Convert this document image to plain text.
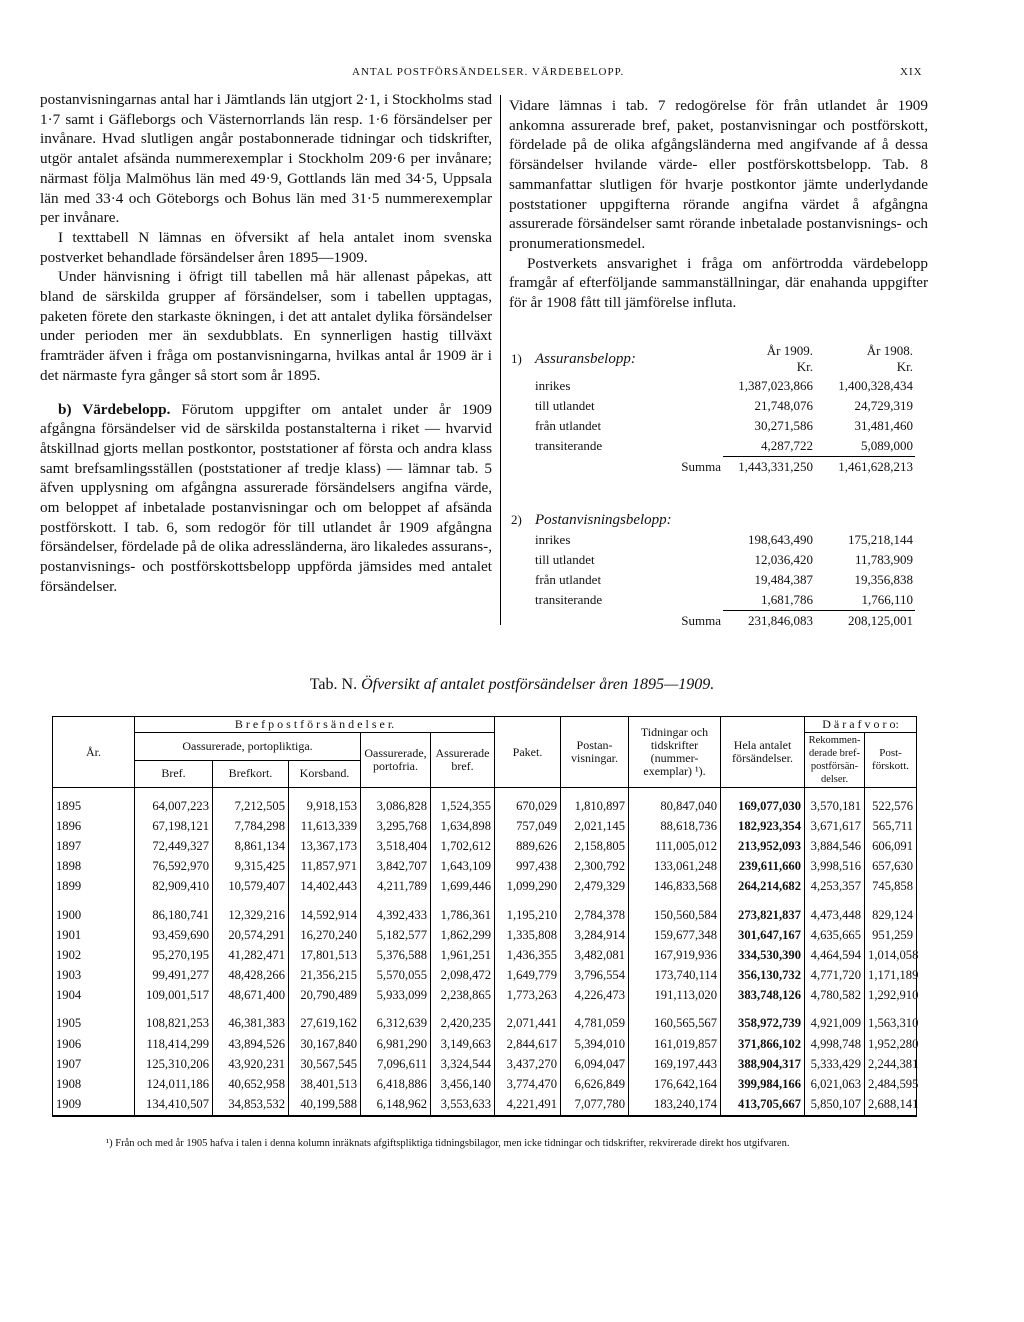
ANTAL POSTFÖRSÄNDELSER. VÄRDEBELOPP.	XIX

postanvisningarnas antal har i Jämtlands län utgjort 2·1, i Stockholms stad 1·7 samt i Gäfleborgs och Västernorrlands län resp. 1·6 försändelser per invånare. Hvad slutligen angår postabonnerade tidningar och tidskrifter, utgör antalet afsända nummerexemplar i Stockholm 209·6 per invånare; närmast följa Malmöhus län med 49·9, Gottlands län med 34·5, Uppsala län med 33·4 och Göteborgs och Bohus län med 31·5 nummerexemplar per invånare.

I texttabell N lämnas en öfversikt af hela antalet inom svenska postverket behandlade försändelser åren 1895—1909.

Under hänvisning i öfrigt till tabellen må här allenast påpekas, att bland de särskilda grupper af försändelser, som i tabellen upptagas, paketen förete den starkaste ökningen, i det att antalet dylika försändelser under perioden mer än sexdubblats. En synnerligen hastig tillväxt framträder äfven i fråga om postanvisningarna, hvilkas antal år 1909 är i det närmaste fyra gånger så stort som år 1895.

b) Värdebelopp. Förutom uppgifter om antalet under år 1909 afgångna försändelser vid de särskilda postanstalterna i riket — hvarvid åtskillnad gjorts mellan postkontor, poststationer af första och andra klass samt brefsamlingsställen (poststationer af tredje klass) — lämnar tab. 5 äfven upplysning om afgångna assurerade försändelsers angifna värde, om beloppet af inbetalade postanvisningar och om beloppet af afsända postförskott. I tab. 6, som redogör för till utlandet år 1909 afgångna försändelser, fördelade på de olika adressländerna, äro likaledes assurans-, postanvisnings- och postförskottsbelopp uppförda jämsides med antalet försändelser.

Vidare lämnas i tab. 7 redogörelse för från utlandet år 1909 ankomna assurerade bref, paket, postanvisningar och postförskott, fördelade på de olika afgångsländerna med angifvande af å dessa försändelser hvilande värde- eller postförskottsbelopp. Tab. 8 sammanfattar slutligen för hvarje postkontor jämte underlydande poststationer uppgifterna rörande angifna värdet å afgångna assurerade försändelser samt rörande inbetalade postanvisnings- och pronumerationsmedel.

Postverkets ansvarighet i fråga om anförtrodda värdebelopp framgår af efterföljande sammanställningar, där enahanda uppgifter för år 1908 fått till jämförelse influta.

1)	Assuransbelopp:	År 1909.
Kr.	År 1908.
Kr.
	inrikes	1,387,023,866	1,400,328,434
	till utlandet	21,748,076	24,729,319
	från utlandet	30,271,586	31,481,460
	transiterande	4,287,722	5,089,000
	Summa	1,443,331,250	1,461,628,213
2)	Postanvisningsbelopp:		
	inrikes	198,643,490	175,218,144
	till utlandet	12,036,420	11,783,909
	från utlandet	19,484,387	19,356,838
	transiterande	1,681,786	1,766,110
	Summa	231,846,083	208,125,001
Tab. N. Öfversikt af antalet postförsändelser åren 1895—1909.
År.	B r e f p o s t f ö r s ä n d e l s e r.					Paket.	Postan-visningar.	Tidningar och tidskrifter (nummer-exemplar) ¹).	Hela antalet försändelser.	D ä r a f v o r o:	
	Oassurerade, portopliktiga.			Oassurerade, portofria.	Assurerade bref.					Rekommen-derade bref-postförsän-delser.	Post-förskott.
	Bref.	Brefkort.	Korsband.								
1895	64,007,223	7,212,505	9,918,153	3,086,828	1,524,355	670,029	1,810,897	80,847,040	169,077,030	3,570,181	522,576
1896	67,198,121	7,784,298	11,613,339	3,295,768	1,634,898	757,049	2,021,145	88,618,736	182,923,354	3,671,617	565,711
1897	72,449,327	8,861,134	13,367,173	3,518,404	1,702,612	889,626	2,158,805	111,005,012	213,952,093	3,884,546	606,091
1898	76,592,970	9,315,425	11,857,971	3,842,707	1,643,109	997,438	2,300,792	133,061,248	239,611,660	3,998,516	657,630
1899	82,909,410	10,579,407	14,402,443	4,211,789	1,699,446	1,099,290	2,479,329	146,833,568	264,214,682	4,253,357	745,858

1900	86,180,741	12,329,216	14,592,914	4,392,433	1,786,361	1,195,210	2,784,378	150,560,584	273,821,837	4,473,448	829,124
1901	93,459,690	20,574,291	16,270,240	5,182,577	1,862,299	1,335,808	3,284,914	159,677,348	301,647,167	4,635,665	951,259
1902	95,270,195	41,282,471	17,801,513	5,376,588	1,961,251	1,436,355	3,482,081	167,919,936	334,530,390	4,464,594	1,014,058
1903	99,491,277	48,428,266	21,356,215	5,570,055	2,098,472	1,649,779	3,796,554	173,740,114	356,130,732	4,771,720	1,171,189
1904	109,001,517	48,671,400	20,790,489	5,933,099	2,238,865	1,773,263	4,226,473	191,113,020	383,748,126	4,780,582	1,292,910

1905	108,821,253	46,381,383	27,619,162	6,312,639	2,420,235	2,071,441	4,781,059	160,565,567	358,972,739	4,921,009	1,563,310
1906	118,414,299	43,894,526	30,167,840	6,981,290	3,149,663	2,844,617	5,394,010	161,019,857	371,866,102	4,998,748	1,952,280
1907	125,310,206	43,920,231	30,567,545	7,096,611	3,324,544	3,437,270	6,094,047	169,197,443	388,904,317	5,333,429	2,244,381
1908	124,011,186	40,652,958	38,401,513	6,418,886	3,456,140	3,774,470	6,626,849	176,642,164	399,984,166	6,021,063	2,484,595
1909	134,410,507	34,853,532	40,199,588	6,148,962	3,553,633	4,221,491	7,077,780	183,240,174	413,705,667	5,850,107	2,688,141
¹) Från och med år 1905 hafva i talen i denna kolumn inräknats afgiftspliktiga tidningsbilagor, men icke tidningar och tidskrifter, rekvirerade direkt hos utgifvaren.
